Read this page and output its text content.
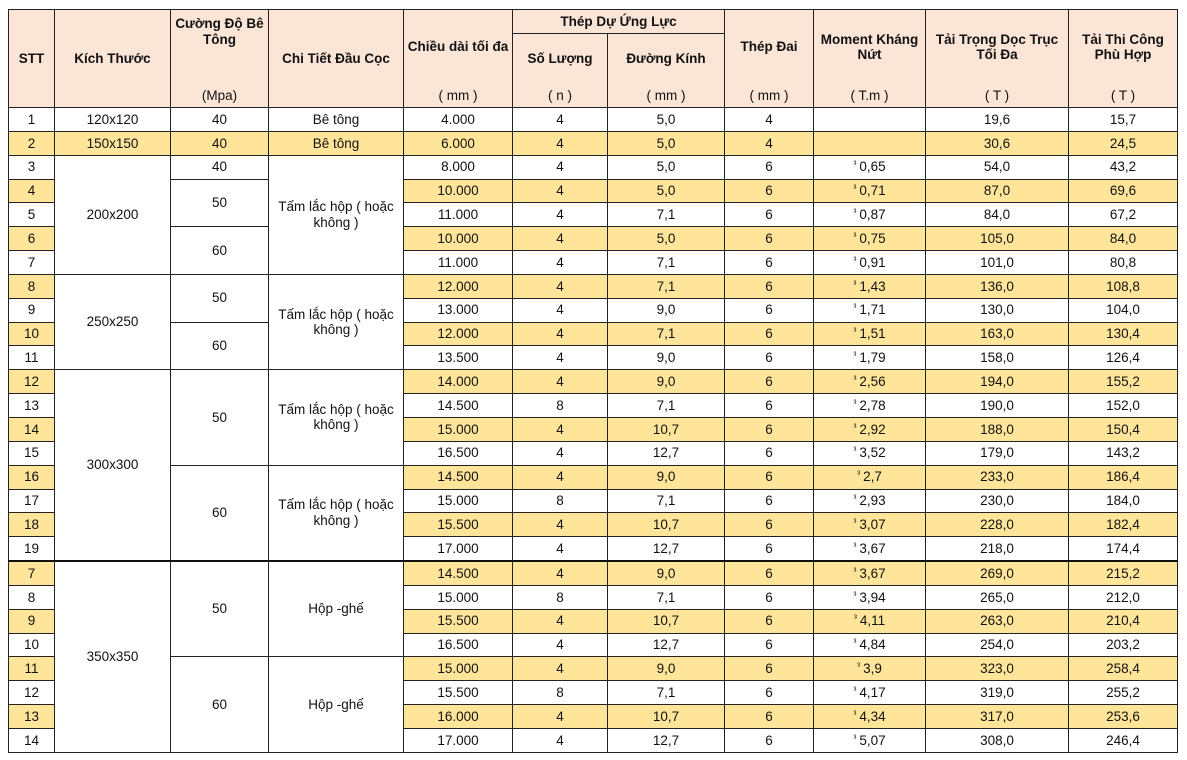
STT	Kích Thước	Cường Độ Bê Tông	Chi Tiết Đầu Cọc	Chiều dài tối đa	Thép Dự Ứng Lực		Thép Đai	Moment Kháng Nứt	Tải Trọng Dọc Trục Tối Đa	Tải Thi Công Phù Hợp
					Số Lượng	Đường Kính				
		(Mpa)		( mm )	( n )	( mm )	( mm )	( T.m )	( T )	( T )
1	120x120	40	Bê tông	4.000	4	5,0	4		19,6	15,7
2	150x150	40	Bê tông	6.000	4	5,0	4		30,6	24,5
3	200x200	40	Tấm lắc hộp ( hoặc không )	8.000	4	5,0	6	$^{^3}$ 0,65	54,0	43,2
4		50		10.000	4	5,0	6	$^{^3}$ 0,71	87,0	69,6
5				11.000	4	7,1	6	$^{^3}$ 0,87	84,0	67,2
6		60		10.000	4	5,0	6	$^{^3}$ 0,75	105,0	84,0
7				11.000	4	7,1	6	$^{^3}$ 0,91	101,0	80,8
8	250x250	50	Tấm lắc hộp ( hoặc không )	12.000	4	7,1	6	$^{^3}$ 1,43	136,0	108,8
9				13.000	4	9,0	6	$^{^3}$ 1,71	130,0	104,0
10		60		12.000	4	7,1	6	$^{^3}$ 1,51	163,0	130,4
11				13.500	4	9,0	6	$^{^3}$ 1,79	158,0	126,4
12	300x300	50	Tấm lắc hộp ( hoặc không )	14.000	4	9,0	6	$^{^3}$ 2,56	194,0	155,2
13				14.500	8	7,1	6	$^{^3}$ 2,78	190,0	152,0
14				15.000	4	10,7	6	$^{^3}$ 2,92	188,0	150,4
15				16.500	4	12,7	6	$^{^3}$ 3,52	179,0	143,2
16		60	Tấm lắc hộp ( hoặc không )	14.500	4	9,0	6	$^{^3}$ 2,7	233,0	186,4
17				15.000	8	7,1	6	$^{^3}$ 2,93	230,0	184,0
18				15.500	4	10,7	6	$^{^3}$ 3,07	228,0	182,4
19				17.000	4	12,7	6	$^{^3}$ 3,67	218,0	174,4
7	350x350	50	Hộp -ghế	14.500	4	9,0	6	$^{^3}$ 3,67	269,0	215,2
8				15.000	8	7,1	6	$^{^3}$ 3,94	265,0	212,0
9				15.500	4	10,7	6	$^{^3}$ 4,11	263,0	210,4
10				16.500	4	12,7	6	$^{^3}$ 4,84	254,0	203,2
11		60	Hộp -ghế	15.000	4	9,0	6	$^{^3}$ 3,9	323,0	258,4
12				15.500	8	7,1	6	$^{^3}$ 4,17	319,0	255,2
13				16.000	4	10,7	6	$^{^3}$ 4,34	317,0	253,6
14				17.000	4	12,7	6	$^{^3}$ 5,07	308,0	246,4
